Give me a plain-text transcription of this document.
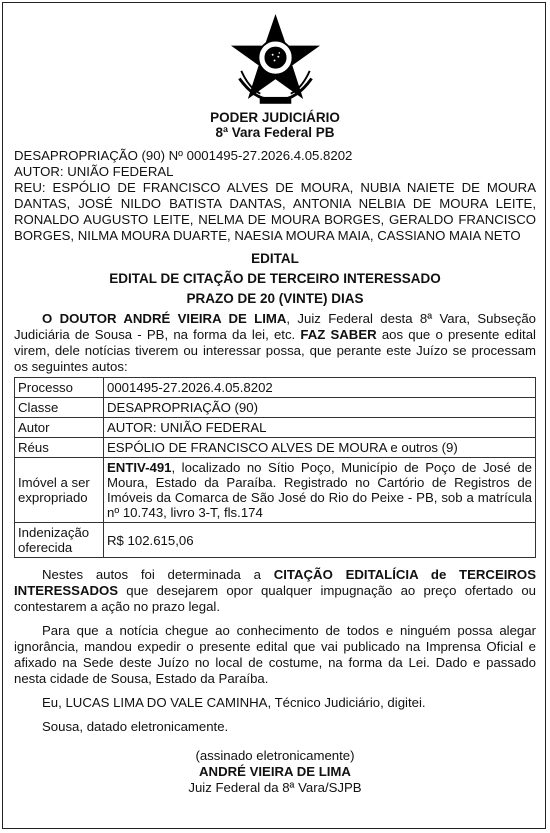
PODER JUDICIÁRIO
8ª Vara Federal PB
DESAPROPRIAÇÃO (90) Nº 0001495-27.2026.4.05.8202
AUTOR: UNIÃO FEDERAL
REU: ESPÓLIO DE FRANCISCO ALVES DE MOURA, NUBIA NAIETE DE MOURA DANTAS, JOSÉ NILDO BATISTA DANTAS, ANTONIA NELBIA DE MOURA LEITE, RONALDO AUGUSTO LEITE, NELMA DE MOURA BORGES, GERALDO FRANCISCO BORGES, NILMA MOURA DUARTE, NAESIA MOURA MAIA, CASSIANO MAIA NETO
EDITAL
EDITAL DE CITAÇÃO DE TERCEIRO INTERESSADO
PRAZO DE 20 (VINTE) DIAS
O DOUTOR ANDRÉ VIEIRA DE LIMA, Juiz Federal desta 8ª Vara, Subseção Judiciária de Sousa - PB, na forma da lei, etc. FAZ SABER aos que o presente edital virem, dele notícias tiverem ou interessar possa, que perante este Juízo se processam os seguintes autos:
Processo	0001495-27.2026.4.05.8202
Classe	DESAPROPRIAÇÃO (90)
Autor	AUTOR: UNIÃO FEDERAL
Réus	ESPÓLIO DE FRANCISCO ALVES DE MOURA e outros (9)
Imóvel a ser expropriado	ENTIV-491, localizado no Sítio Poço, Município de Poço de José de Moura, Estado da Paraíba. Registrado no Cartório de Registros de Imóveis da Comarca de São José do Rio do Peixe - PB, sob a matrícula nº 10.743, livro 3-T, fls.174
Indenização oferecida	R$ 102.615,06
Nestes autos foi determinada a CITAÇÃO EDITALÍCIA de TERCEIROS INTERESSADOS que desejarem opor qualquer impugnação ao preço ofertado ou contestarem a ação no prazo legal.
Para que a notícia chegue ao conhecimento de todos e ninguém possa alegar ignorância, mandou expedir o presente edital que vai publicado na Imprensa Oficial e afixado na Sede deste Juízo no local de costume, na forma da Lei. Dado e passado nesta cidade de Sousa, Estado da Paraíba.
Eu, LUCAS LIMA DO VALE CAMINHA, Técnico Judiciário, digitei.
Sousa, datado eletronicamente.
(assinado eletronicamente)
ANDRÉ VIEIRA DE LIMA
Juiz Federal da 8ª Vara/SJPB
